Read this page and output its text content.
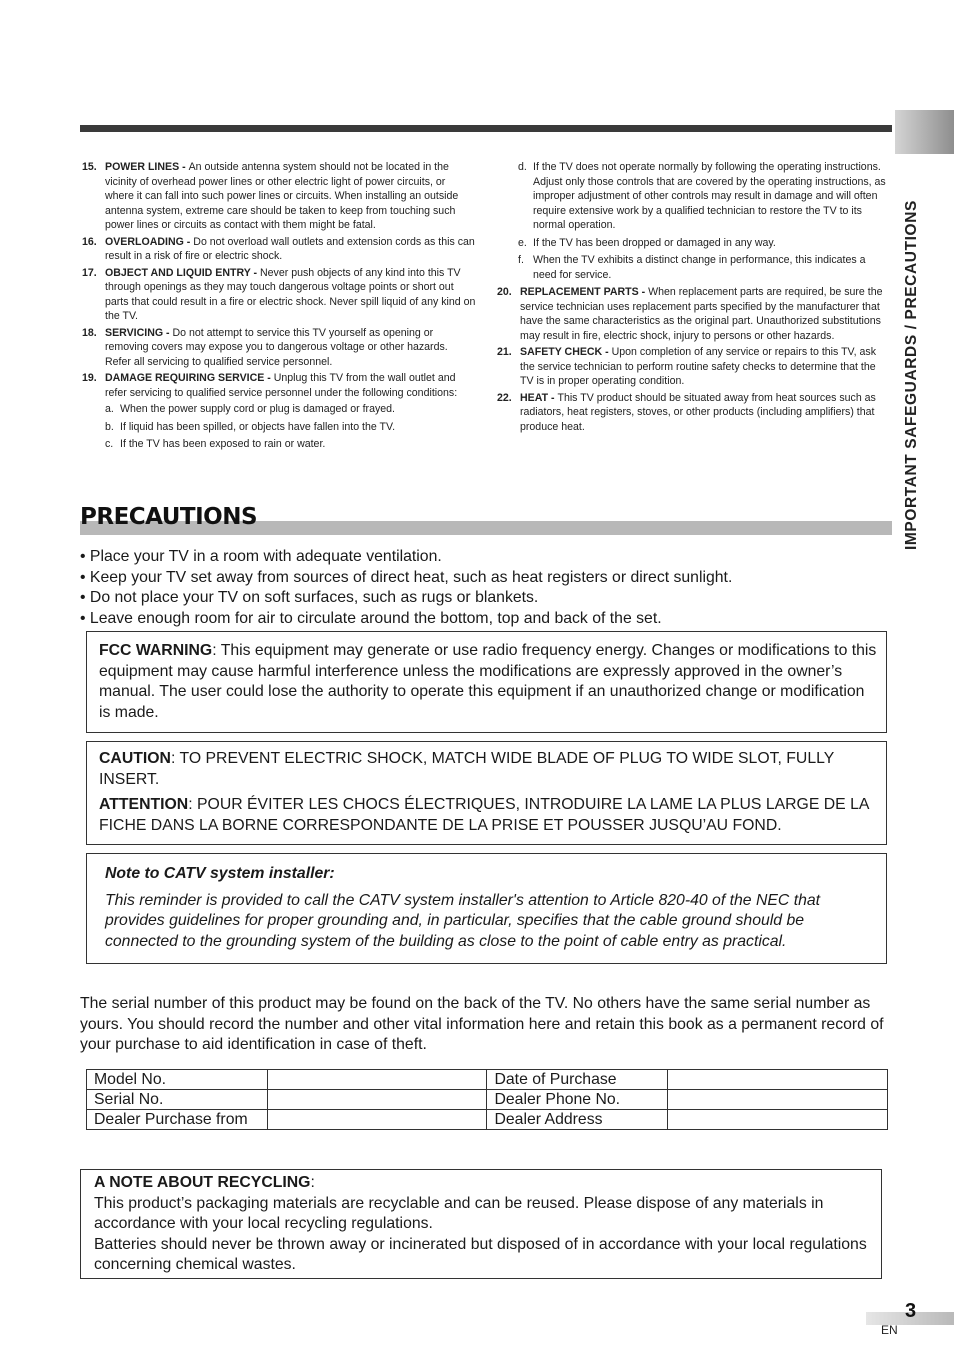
IMPORTANT SAFEGUARDS / PRECAUTIONS
15. POWER LINES - An outside antenna system should not be located in the vicinity of overhead power lines or other electric light of power circuits, or where it can fall into such power lines or circuits. When installing an outside antenna system, extreme care should be taken to keep from touching such power lines or circuits as contact with them might be fatal.
16. OVERLOADING - Do not overload wall outlets and extension cords as this can result in a risk of fire or electric shock.
17. OBJECT AND LIQUID ENTRY - Never push objects of any kind into this TV through openings as they may touch dangerous voltage points or short out parts that could result in a fire or electric shock. Never spill liquid of any kind on the TV.
18. SERVICING - Do not attempt to service this TV yourself as opening or removing covers may expose you to dangerous voltage or other hazards. Refer all servicing to qualified service personnel.
19. DAMAGE REQUIRING SERVICE - Unplug this TV from the wall outlet and refer servicing to qualified service personnel under the following conditions:
a. When the power supply cord or plug is damaged or frayed.
b. If liquid has been spilled, or objects have fallen into the TV.
c. If the TV has been exposed to rain or water.
d. If the TV does not operate normally by following the operating instructions. Adjust only those controls that are covered by the operating instructions, as improper adjustment of other controls may result in damage and will often require extensive work by a qualified technician to restore the TV to its normal operation.
e. If the TV has been dropped or damaged in any way.
f. When the TV exhibits a distinct change in performance, this indicates a need for service.
20. REPLACEMENT PARTS - When replacement parts are required, be sure the service technician uses replacement parts specified by the manufacturer that have the same characteristics as the original part. Unauthorized substitutions may result in fire, electric shock, injury to persons or other hazards.
21. SAFETY CHECK - Upon completion of any service or repairs to this TV, ask the service technician to perform routine safety checks to determine that the TV is in proper operating condition.
22. HEAT - This TV product should be situated away from heat sources such as radiators, heat registers, stoves, or other products (including amplifiers) that produce heat.
PRECAUTIONS
• Place your TV in a room with adequate ventilation.
• Keep your TV set away from sources of direct heat, such as heat registers or direct sunlight.
• Do not place your TV on soft surfaces, such as rugs or blankets.
• Leave enough room for air to circulate around the bottom, top and back of the set.
FCC WARNING: This equipment may generate or use radio frequency energy. Changes or modifications to this equipment may cause harmful interference unless the modifications are expressly approved in the owner’s manual. The user could lose the authority to operate this equipment if an unauthorized change or modification is made.
CAUTION: TO PREVENT ELECTRIC SHOCK, MATCH WIDE BLADE OF PLUG TO WIDE SLOT, FULLY INSERT.
ATTENTION: POUR ÉVITER LES CHOCS ÉLECTRIQUES, INTRODUIRE LA LAME LA PLUS LARGE DE LA FICHE DANS LA BORNE CORRESPONDANTE DE LA PRISE ET POUSSER JUSQU’AU FOND.
Note to CATV system installer:
This reminder is provided to call the CATV system installer's attention to Article 820-40 of the NEC that provides guidelines for proper grounding and, in particular, specifies that the cable ground should be connected to the grounding system of the building as close to the point of cable entry as practical.
The serial number of this product may be found on the back of the TV. No others have the same serial number as yours. You should record the number and other vital information here and retain this book as a permanent record of your purchase to aid identification in case of theft.
Model No.		Date of Purchase	
Serial No.		Dealer Phone No.	
Dealer Purchase from		Dealer Address	
A NOTE ABOUT RECYCLING:
This product’s packaging materials are recyclable and can be reused. Please dispose of any materials in accordance with your local recycling regulations.
Batteries should never be thrown away or incinerated but disposed of in accordance with your local regulations concerning chemical wastes.
3
EN
